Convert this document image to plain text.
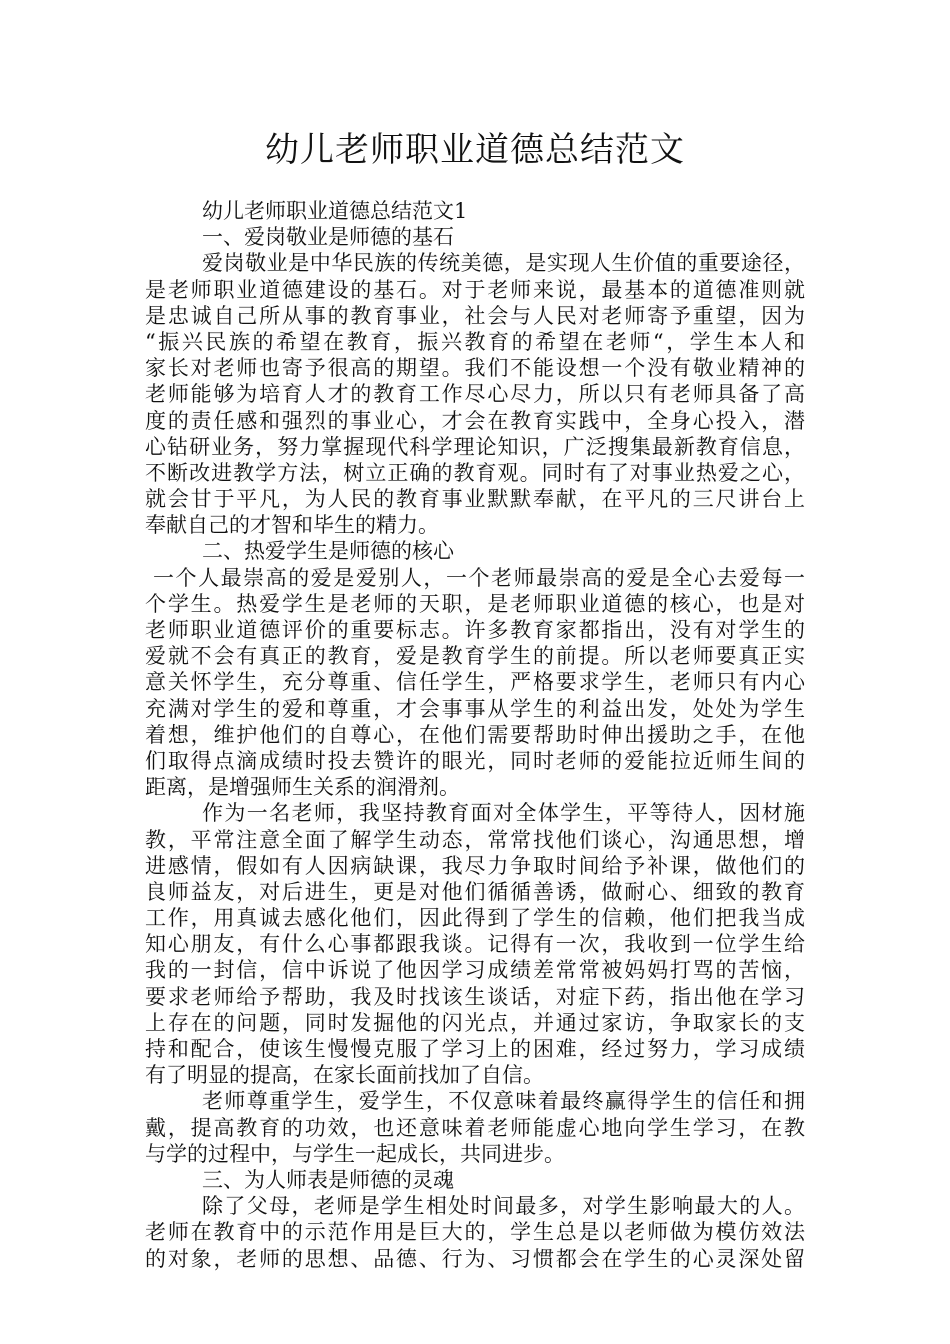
幼儿老师职业道德总结范文

幼儿老师职业道德总结范文1

一、爱岗敬业是师德的基石

爱岗敬业是中华民族的传统美德，是实现人生价值的重要途径，

是老师职业道德建设的基石。对于老师来说，最基本的道德准则就

是忠诚自己所从事的教育事业，社会与人民对老师寄予重望，因为

“振兴民族的希望在教育，振兴教育的希望在老师“，学生本人和

家长对老师也寄予很高的期望。我们不能设想一个没有敬业精神的

老师能够为培育人才的教育工作尽心尽力，所以只有老师具备了高

度的责任感和强烈的事业心，才会在教育实践中，全身心投入，潜

心钻研业务，努力掌握现代科学理论知识，广泛搜集最新教育信息，

不断改进教学方法，树立正确的教育观。同时有了对事业热爱之心，

就会甘于平凡，为人民的教育事业默默奉献，在平凡的三尺讲台上

奉献自己的才智和毕生的精力。

二、热爱学生是师德的核心

一个人最崇高的爱是爱别人，一个老师最崇高的爱是全心去爱每一

个学生。热爱学生是老师的天职，是老师职业道德的核心，也是对

老师职业道德评价的重要标志。许多教育家都指出，没有对学生的

爱就不会有真正的教育，爱是教育学生的前提。所以老师要真正实

意关怀学生，充分尊重、信任学生，严格要求学生，老师只有内心

充满对学生的爱和尊重，才会事事从学生的利益出发，处处为学生

着想，维护他们的自尊心，在他们需要帮助时伸出援助之手，在他

们取得点滴成绩时投去赞许的眼光，同时老师的爱能拉近师生间的

距离，是增强师生关系的润滑剂。

作为一名老师，我坚持教育面对全体学生，平等待人，因材施

教，平常注意全面了解学生动态，常常找他们谈心，沟通思想，增

进感情，假如有人因病缺课，我尽力争取时间给予补课，做他们的

良师益友，对后进生，更是对他们循循善诱，做耐心、细致的教育

工作，用真诚去感化他们，因此得到了学生的信赖，他们把我当成

知心朋友，有什么心事都跟我谈。记得有一次，我收到一位学生给

我的一封信，信中诉说了他因学习成绩差常常被妈妈打骂的苦恼，

要求老师给予帮助，我及时找该生谈话，对症下药，指出他在学习

上存在的问题，同时发掘他的闪光点，并通过家访，争取家长的支

持和配合，使该生慢慢克服了学习上的困难，经过努力，学习成绩

有了明显的提高，在家长面前找加了自信。

老师尊重学生，爱学生，不仅意味着最终赢得学生的信任和拥

戴，提高教育的功效，也还意味着老师能虚心地向学生学习，在教

与学的过程中，与学生一起成长，共同进步。

三、为人师表是师德的灵魂

除了父母，老师是学生相处时间最多，对学生影响最大的人。

老师在教育中的示范作用是巨大的，学生总是以老师做为模仿效法

的对象，老师的思想、品德、行为、习惯都会在学生的心灵深处留
